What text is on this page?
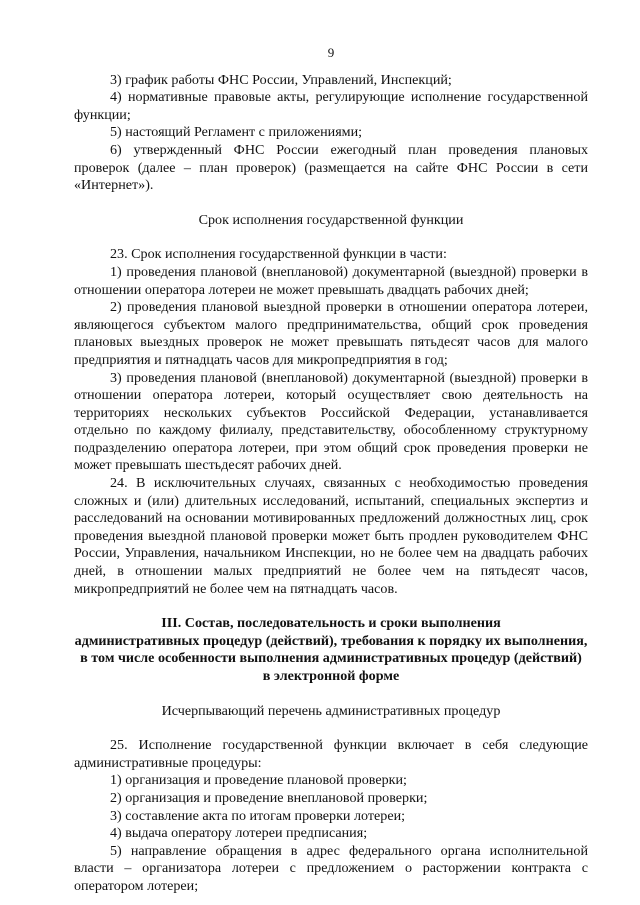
9

3) график работы ФНС России, Управлений, Инспекций;

4) нормативные правовые акты, регулирующие исполнение государственной функции;

5) настоящий Регламент с приложениями;

6) утвержденный ФНС России ежегодный план проведения плановых проверок (далее – план проверок) (размещается на сайте ФНС России в сети «Интернет»).

Срок исполнения государственной функции

23. Срок исполнения государственной функции в части:

1) проведения плановой (внеплановой) документарной (выездной) проверки в отношении оператора лотереи не может превышать двадцать рабочих дней;

2) проведения плановой выездной проверки в отношении оператора лотереи, являющегося субъектом малого предпринимательства, общий срок проведения плановых выездных проверок не может превышать пятьдесят часов для малого предприятия и пятнадцать часов для микропредприятия в год;

3) проведения плановой (внеплановой) документарной (выездной) проверки в отношении оператора лотереи, который осуществляет свою деятельность на территориях нескольких субъектов Российской Федерации, устанавливается отдельно по каждому филиалу, представительству, обособленному структурному подразделению оператора лотереи, при этом общий срок проведения проверки не может превышать шестьдесят рабочих дней.

24. В исключительных случаях, связанных с необходимостью проведения сложных и (или) длительных исследований, испытаний, специальных экспертиз и расследований на основании мотивированных предложений должностных лиц, срок проведения выездной плановой проверки может быть продлен руководителем ФНС России, Управления, начальником Инспекции, но не более чем на двадцать рабочих дней, в отношении малых предприятий не более чем на пятьдесят часов, микропредприятий не более чем на пятнадцать часов.

III. Состав, последовательность и сроки выполнения

административных процедур (действий), требования к порядку их выполнения,

в том числе особенности выполнения административных процедур (действий)

в электронной форме

Исчерпывающий перечень административных процедур

25. Исполнение государственной функции включает в себя следующие административные процедуры:

1) организация и проведение плановой проверки;

2) организация и проведение внеплановой проверки;

3) составление акта по итогам проверки лотереи;

4) выдача оператору лотереи предписания;

5) направление обращения в адрес федерального органа исполнительной власти – организатора лотереи с предложением о расторжении контракта с оператором лотереи;
